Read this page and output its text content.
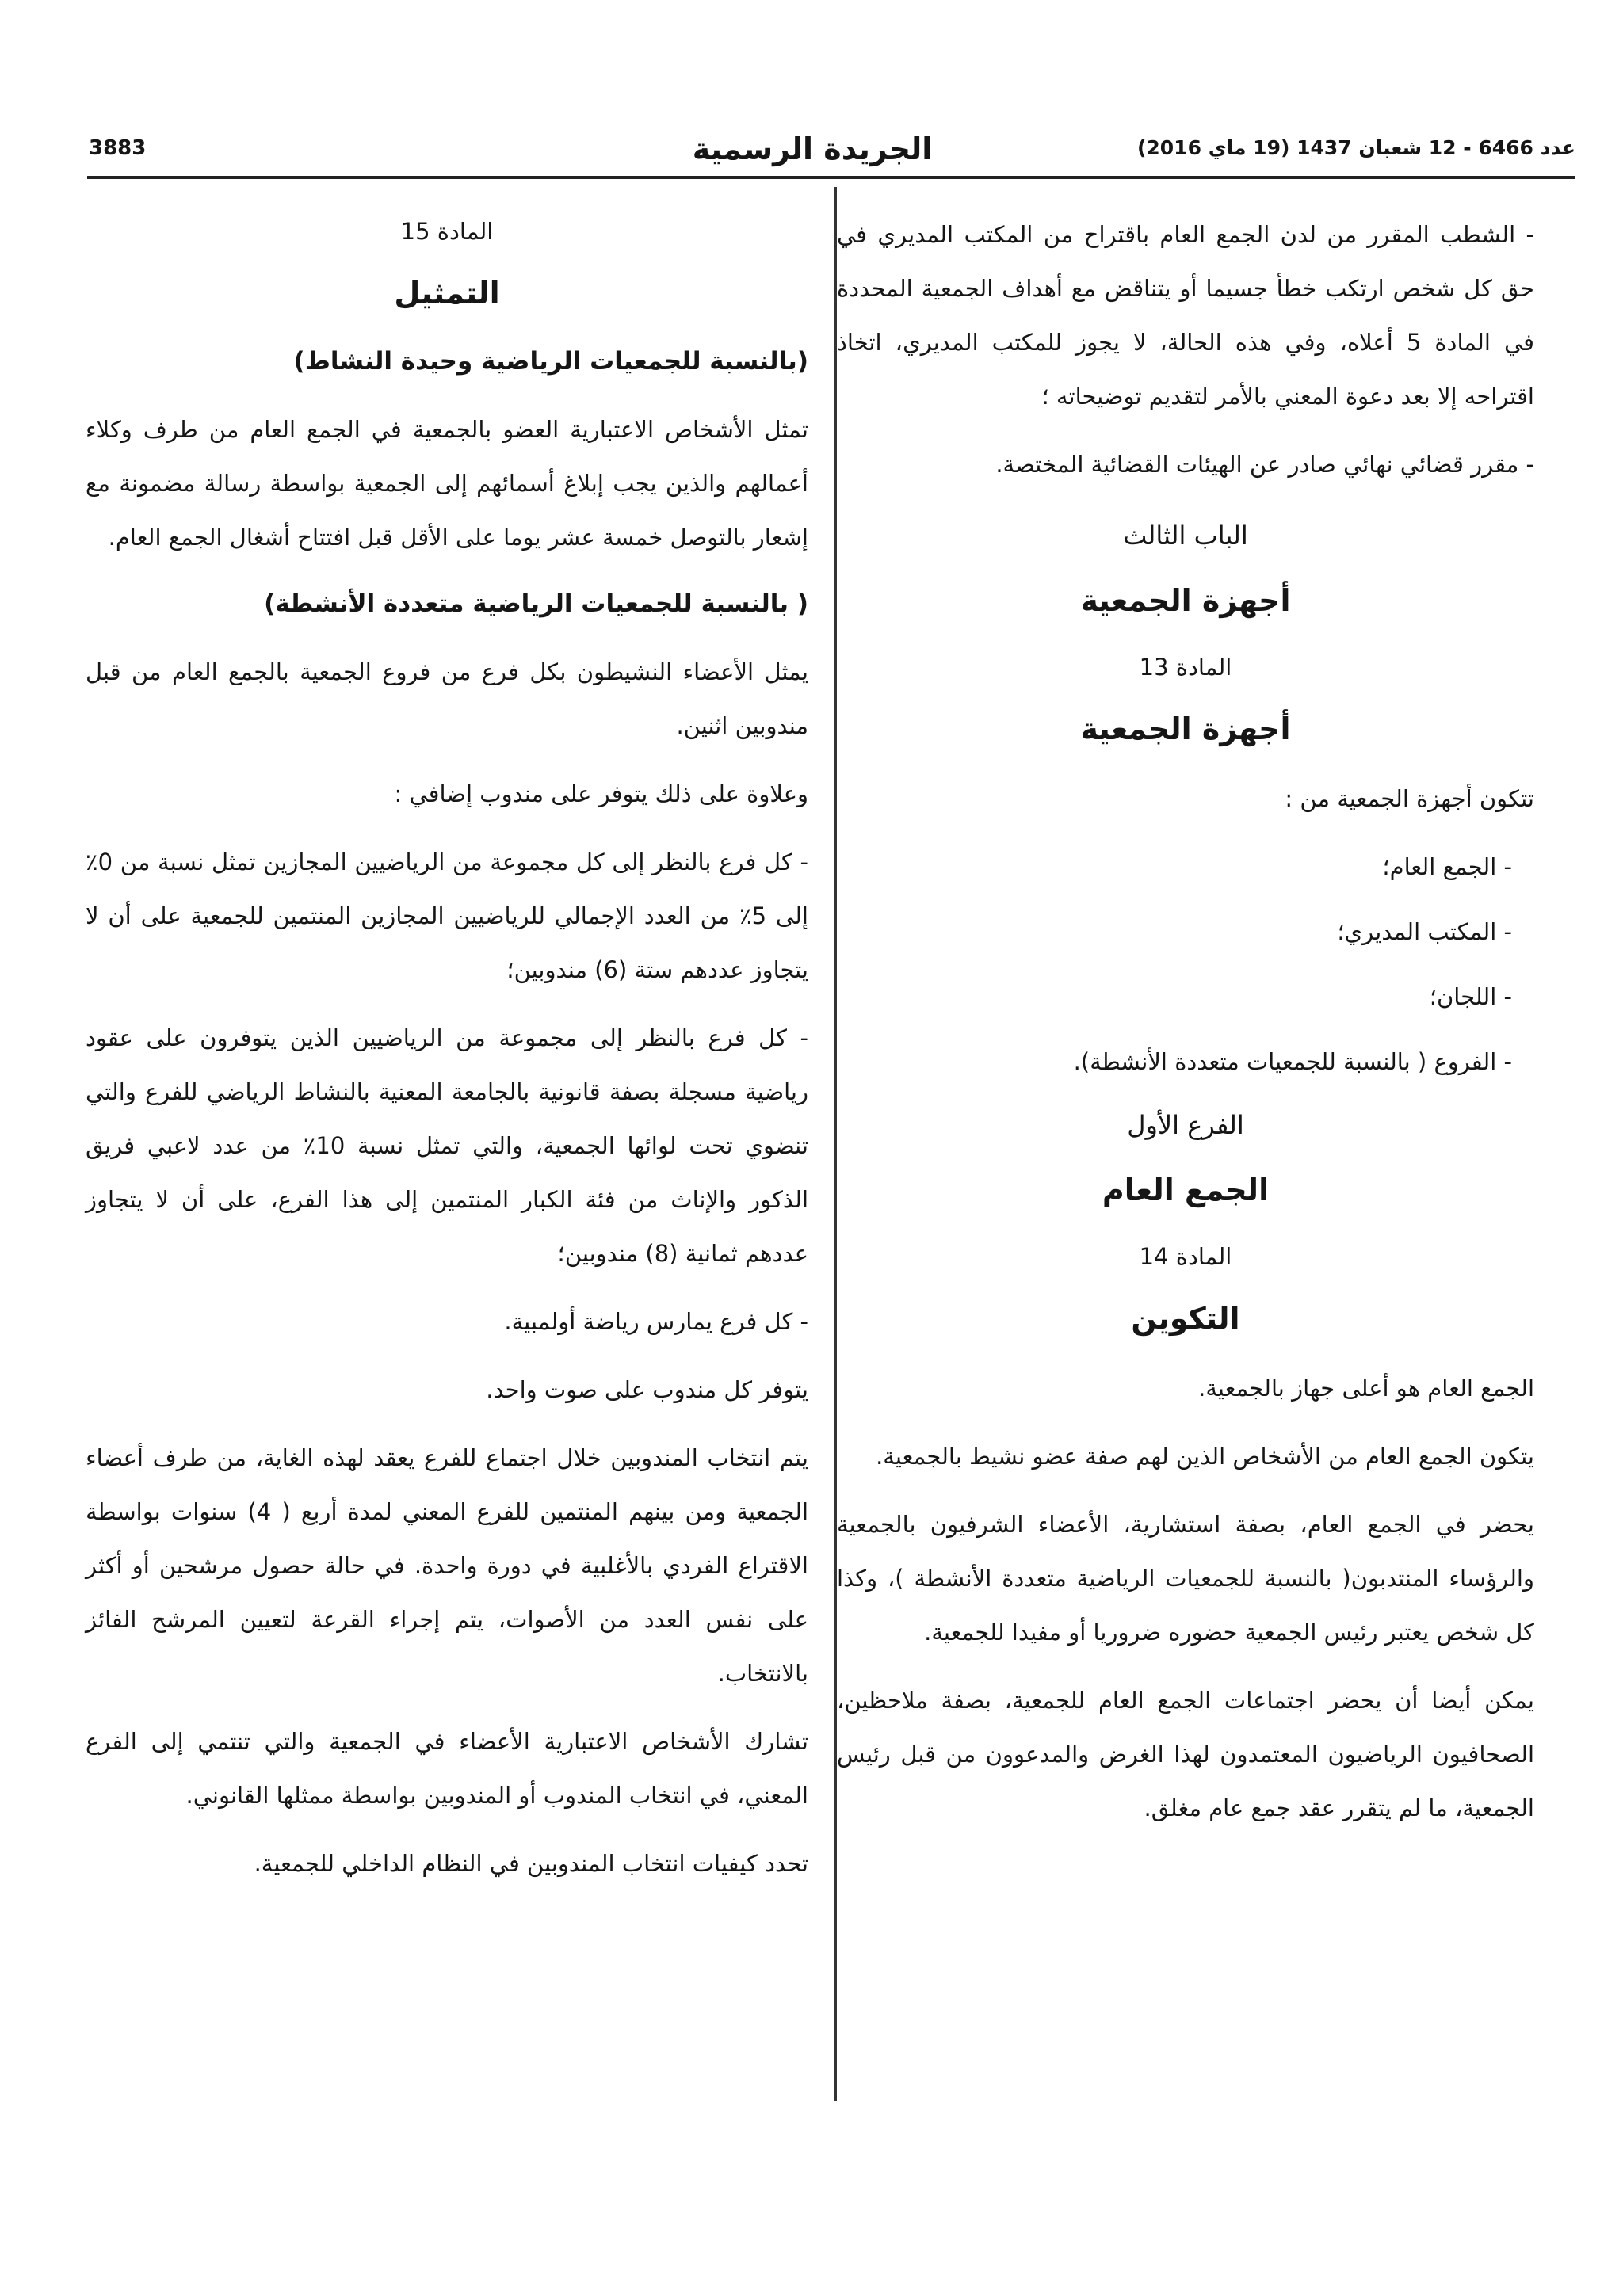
3883	الجريدة الرسمية	عدد 6466 - 12 شعبان 1437 (19 ماي 2016)

- الشطب المقرر من لدن الجمع العام باقتراح من المكتب المديري في حق كل شخص ارتكب خطأ جسيما أو يتناقض مع أهداف الجمعية المحددة في المادة 5 أعلاه، وفي هذه الحالة، لا يجوز للمكتب المديري، اتخاذ اقتراحه إلا بعد دعوة المعني بالأمر لتقديم توضيحاته ؛

- مقرر قضائي نهائي صادر عن الهيئات القضائية المختصة.

الباب الثالث
أجهزة الجمعية
المادة 13
أجهزة الجمعية

تتكون أجهزة الجمعية من :

- الجمع العام؛
- المكتب المديري؛
- اللجان؛
- الفروع ( بالنسبة للجمعيات متعددة الأنشطة).
الفرع الأول
الجمع العام
المادة 14
التكوين

الجمع العام هو أعلى جهاز بالجمعية.

يتكون الجمع العام من الأشخاص الذين لهم صفة عضو نشيط بالجمعية.

يحضر في الجمع العام، بصفة استشارية، الأعضاء الشرفيون بالجمعية والرؤساء المنتدبون( بالنسبة للجمعيات الرياضية متعددة الأنشطة )، وكذا كل شخص يعتبر رئيس الجمعية حضوره ضروريا أو مفيدا للجمعية.

يمكن أيضا أن يحضر اجتماعات الجمع العام للجمعية، بصفة ملاحظين، الصحافيون الرياضيون المعتمدون لهذا الغرض والمدعوون من قبل رئيس الجمعية، ما لم يتقرر عقد جمع عام مغلق.

المادة 15
التمثيل
(بالنسبة للجمعيات الرياضية وحيدة النشاط)

تمثل الأشخاص الاعتبارية العضو بالجمعية في الجمع العام من طرف وكلاء أعمالهم والذين يجب إبلاغ أسمائهم إلى الجمعية بواسطة رسالة مضمونة مع إشعار بالتوصل خمسة عشر يوما على الأقل قبل افتتاح أشغال الجمع العام.

( بالنسبة للجمعيات الرياضية متعددة الأنشطة)

يمثل الأعضاء النشيطون بكل فرع من فروع الجمعية بالجمع العام من قبل مندوبين اثنين.

وعلاوة على ذلك يتوفر على مندوب إضافي :

- كل فرع بالنظر إلى كل مجموعة من الرياضيين المجازين تمثل نسبة من 0٪ إلى 5٪ من العدد الإجمالي للرياضيين المجازين المنتمين للجمعية على أن لا يتجاوز عددهم ستة (6) مندوبين؛

- كل فرع بالنظر إلى مجموعة من الرياضيين الذين يتوفرون على عقود رياضية مسجلة بصفة قانونية بالجامعة المعنية بالنشاط الرياضي للفرع والتي تنضوي تحت لوائها الجمعية، والتي تمثل نسبة 10٪ من عدد لاعبي فريق الذكور والإناث من فئة الكبار المنتمين إلى هذا الفرع، على أن لا يتجاوز عددهم ثمانية (8) مندوبين؛

- كل فرع يمارس رياضة أولمبية.

يتوفر كل مندوب على صوت واحد.

يتم انتخاب المندوبين خلال اجتماع للفرع يعقد لهذه الغاية، من طرف أعضاء الجمعية ومن بينهم المنتمين للفرع المعني لمدة أربع ( 4) سنوات بواسطة الاقتراع الفردي بالأغلبية في دورة واحدة. في حالة حصول مرشحين أو أكثر على نفس العدد من الأصوات، يتم إجراء القرعة لتعيين المرشح الفائز بالانتخاب.

تشارك الأشخاص الاعتبارية الأعضاء في الجمعية والتي تنتمي إلى الفرع المعني، في انتخاب المندوب أو المندوبين بواسطة ممثلها القانوني.

تحدد كيفيات انتخاب المندوبين في النظام الداخلي للجمعية.
